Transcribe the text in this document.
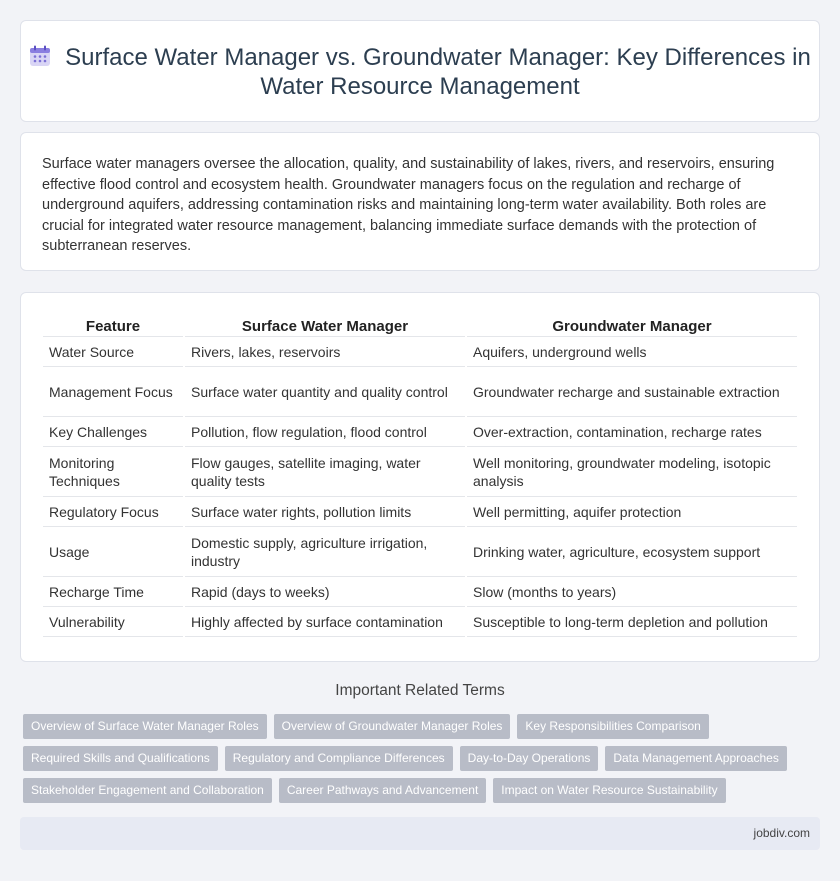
Surface Water Manager vs. Groundwater Manager: Key Differences in Water Resource Management

Surface water managers oversee the allocation, quality, and sustainability of lakes, rivers, and reservoirs, ensuring effective flood control and ecosystem health. Groundwater managers focus on the regulation and recharge of underground aquifers, addressing contamination risks and maintaining long-term water availability. Both roles are crucial for integrated water resource management, balancing immediate surface demands with the protection of subterranean reserves.

Feature	Surface Water Manager	Groundwater Manager
Water Source	Rivers, lakes, reservoirs	Aquifers, underground wells
Management Focus	Surface water quantity and quality control	Groundwater recharge and sustainable extraction
Key Challenges	Pollution, flow regulation, flood control	Over-extraction, contamination, recharge rates
Monitoring Techniques	Flow gauges, satellite imaging, water quality tests	Well monitoring, groundwater modeling, isotopic analysis
Regulatory Focus	Surface water rights, pollution limits	Well permitting, aquifer protection
Usage	Domestic supply, agriculture irrigation, industry	Drinking water, agriculture, ecosystem support
Recharge Time	Rapid (days to weeks)	Slow (months to years)
Vulnerability	Highly affected by surface contamination	Susceptible to long-term depletion and pollution
Important Related Terms
Overview of Surface Water Manager Roles	Overview of Groundwater Manager Roles	Key Responsibilities Comparison
Required Skills and Qualifications	Regulatory and Compliance Differences	Day-to-Day Operations	Data Management Approaches
Stakeholder Engagement and Collaboration	Career Pathways and Advancement	Impact on Water Resource Sustainability
jobdiv.com
